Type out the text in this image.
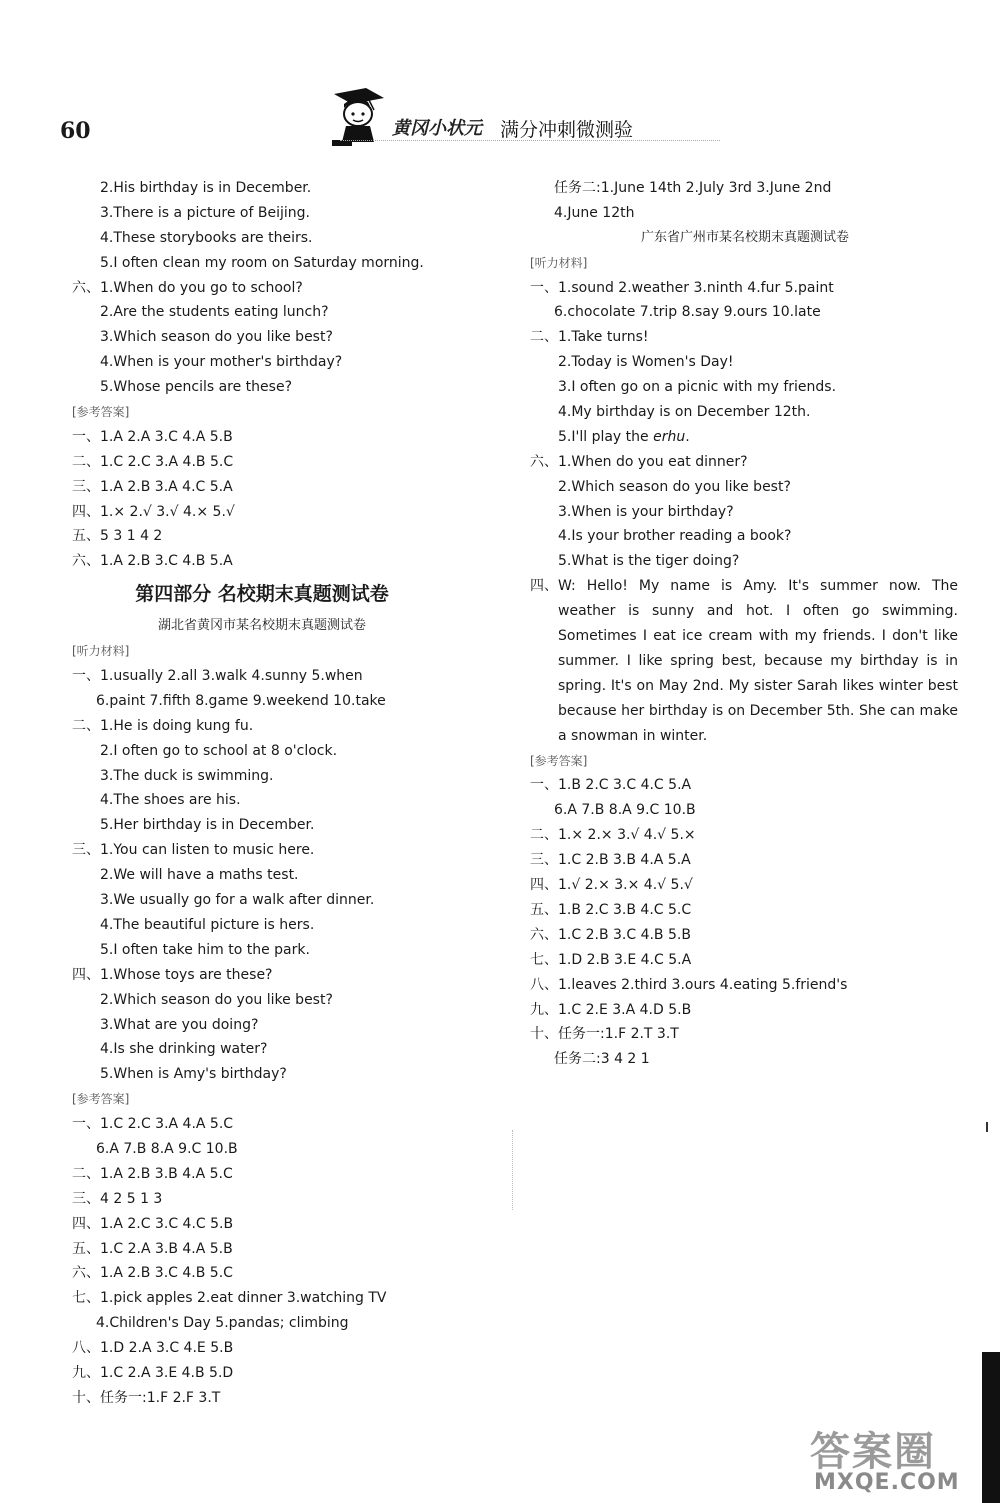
60	黄冈小状元 满分冲刺微测验
2.His birthday is in December.
3.There is a picture of Beijing.
4.These storybooks are theirs.
5.I often clean my room on Saturday morning.
六、1.When do you go to school?
2.Are the students eating lunch?
3.Which season do you like best?
4.When is your mother's birthday?
5.Whose pencils are these?
[参考答案]
一、1.A 2.A 3.C 4.A 5.B
二、1.C 2.C 3.A 4.B 5.C
三、1.A 2.B 3.A 4.C 5.A
四、1.× 2.√ 3.√ 4.× 5.√
五、5 3 1 4 2
六、1.A 2.B 3.C 4.B 5.A
第四部分 名校期末真题测试卷
湖北省黄冈市某名校期末真题测试卷
[听力材料]
一、1.usually 2.all 3.walk 4.sunny 5.when
6.paint 7.fifth 8.game 9.weekend 10.take
二、1.He is doing kung fu.
2.I often go to school at 8 o'clock.
3.The duck is swimming.
4.The shoes are his.
5.Her birthday is in December.
三、1.You can listen to music here.
2.We will have a maths test.
3.We usually go for a walk after dinner.
4.The beautiful picture is hers.
5.I often take him to the park.
四、1.Whose toys are these?
2.Which season do you like best?
3.What are you doing?
4.Is she drinking water?
5.When is Amy's birthday?
[参考答案]
一、1.C 2.C 3.A 4.A 5.C
6.A 7.B 8.A 9.C 10.B
二、1.A 2.B 3.B 4.A 5.C
三、4 2 5 1 3
四、1.A 2.C 3.C 4.C 5.B
五、1.C 2.A 3.B 4.A 5.B
六、1.A 2.B 3.C 4.B 5.C
七、1.pick apples 2.eat dinner 3.watching TV
4.Children's Day 5.pandas; climbing
八、1.D 2.A 3.C 4.E 5.B
九、1.C 2.A 3.E 4.B 5.D
十、任务一:1.F 2.F 3.T
任务二:1.June 14th 2.July 3rd 3.June 2nd
4.June 12th
广东省广州市某名校期末真题测试卷
[听力材料]
一、1.sound 2.weather 3.ninth 4.fur 5.paint
6.chocolate 7.trip 8.say 9.ours 10.late
二、1.Take turns!
2.Today is Women's Day!
3.I often go on a picnic with my friends.
4.My birthday is on December 12th.
5.I'll play the erhu.
六、1.When do you eat dinner?
2.Which season do you like best?
3.When is your birthday?
4.Is your brother reading a book?
5.What is the tiger doing?
四、W: Hello! My name is Amy. It's summer now. The weather is sunny and hot. I often go swimming. Sometimes I eat ice cream with my friends. I don't like summer. I like spring best, because my birthday is in spring. It's on May 2nd. My sister Sarah likes winter best because her birthday is on December 5th. She can make a snowman in winter.
[参考答案]
一、1.B 2.C 3.C 4.C 5.A
6.A 7.B 8.A 9.C 10.B
二、1.× 2.× 3.√ 4.√ 5.×
三、1.C 2.B 3.B 4.A 5.A
四、1.√ 2.× 3.× 4.√ 5.√
五、1.B 2.C 3.B 4.C 5.C
六、1.C 2.B 3.C 4.B 5.B
七、1.D 2.B 3.E 4.C 5.A
八、1.leaves 2.third 3.ours 4.eating 5.friend's
九、1.C 2.E 3.A 4.D 5.B
十、任务一:1.F 2.T 3.T
任务二:3 4 2 1
答案圈
MXQE.COM
